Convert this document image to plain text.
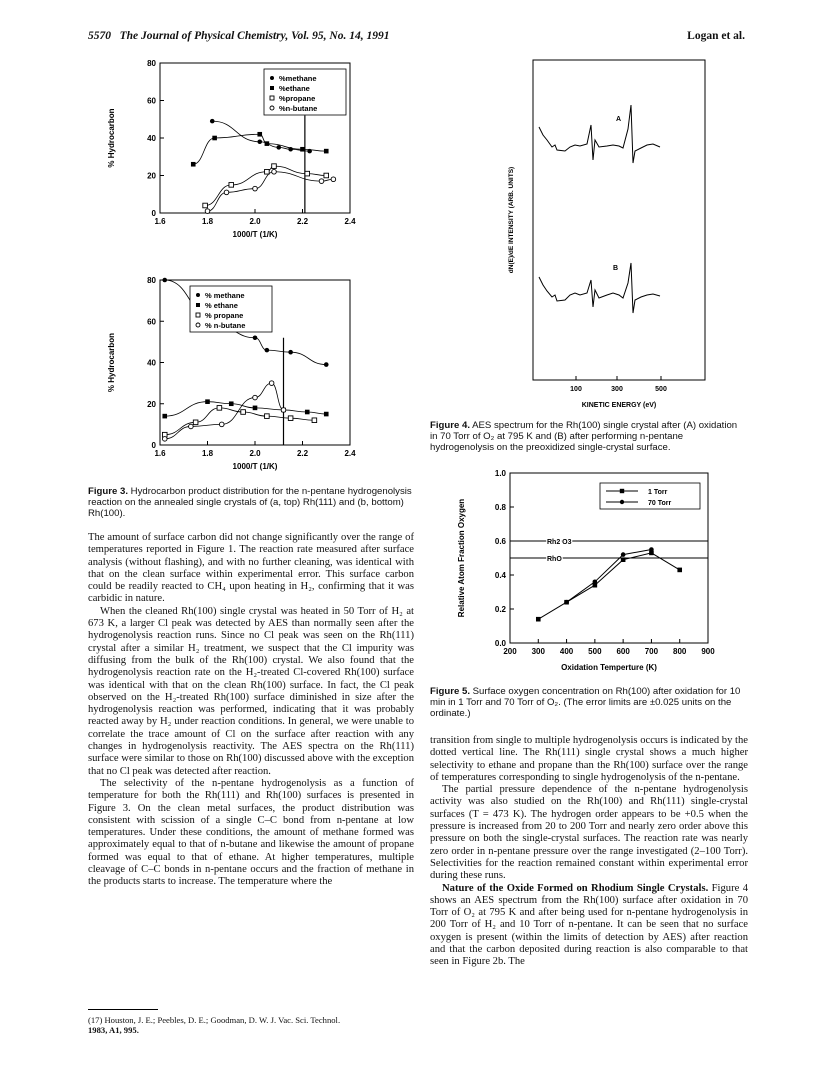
5570 The Journal of Physical Chemistry, Vol. 95, No. 14, 1991	Logan et al.
1.6	1.8	2.0	2.2	2.4
0
20
40
60
80
1000/T (1/K)
% Hydrocarbon
%methane
%ethane
%propane
%n-butane
1.6	1.8	2.0	2.2	2.4
0
20
40
60
80
1000/T (1/K)
% Hydrocarbon
% methane
% ethane
% propane
% n-butane
Figure 3. Hydrocarbon product distribution for the n-pentane hydrogenolysis reaction on the annealed single crystals of (a, top) Rh(111) and (b, bottom) Rh(100).
100	300	500
KINETIC ENERGY (eV)
dN(E)/dE INTENSITY (ARB. UNITS)
A
B
Figure 4. AES spectrum for the Rh(100) single crystal after (A) oxidation in 70 Torr of O₂ at 795 K and (B) after performing n-pentane hydrogenolysis on the preoxidized single-crystal surface.
200 300 400 500 600 700 800 900
0.0
0.2
0.4
0.6
0.8
1.0
Oxidation Temperture (K)
Relative Atom Fraction Oxygen	Rh2 O3
RhO
1 Torr
70 Torr
Figure 5. Surface oxygen concentration on Rh(100) after oxidation for 10 min in 1 Torr and 70 Torr of O₂. (The error limits are ±0.025 units on the ordinate.)

The amount of surface carbon did not change significantly over the range of temperatures reported in Figure 1. The reaction rate measured after surface analysis (without flashing), and with no further cleaning, was identical with that on the clean surface within experimental error. This surface carbon could be readily reacted to CH₄ upon heating in H₂, confirming that it was carbidic in nature.

When the cleaned Rh(100) single crystal was heated in 50 Torr of H₂ at 673 K, a larger Cl peak was detected by AES than normally seen after the hydrogenolysis reaction runs. Since no Cl peak was seen on the Rh(111) crystal after a similar H₂ treatment, we suspect that the Cl impurity was diffusing from the bulk of the Rh(100) crystal. We also found that the hydrogenolysis reaction rate on the H₂-treated Cl-covered Rh(100) surface was identical with that on the clean Rh(100) surface. In fact, the Cl peak observed on the H₂-treated Rh(100) surface diminished in size after the hydrogenolysis reaction was performed, indicating that it was probably reacted away by H₂ under reaction conditions. In general, we were unable to correlate the trace amount of Cl on the surface after reaction with any changes in hydrogenolysis reactivity. The AES spectra on the Rh(111) surface were similar to those on Rh(100) discussed above with the exception that no Cl peak was detected after reaction.

The selectivity of the n-pentane hydrogenolysis as a function of temperature for both the Rh(111) and Rh(100) surfaces is presented in Figure 3. On the clean metal surfaces, the product distribution was consistent with scission of a single C–C bond from n-pentane at low temperatures. Under these conditions, the amount of methane formed was approximately equal to that of n-butane and likewise the amount of propane formed was equal to that of ethane. At higher temperatures, multiple cleavage of C–C bonds in n-pentane occurs and the fraction of methane in the products starts to increase. The temperature where the

transition from single to multiple hydrogenolysis occurs is indicated by the dotted vertical line. The Rh(111) single crystal shows a much higher selectivity to ethane and propane than the Rh(100) surface over the range of temperatures corresponding to single hydrogenolysis of the n-pentane.

The partial pressure dependence of the n-pentane hydrogenolysis activity was also studied on the Rh(100) and Rh(111) single-crystal surfaces (T = 473 K). The hydrogen order appears to be +0.5 when the pressure is increased from 20 to 200 Torr and nearly zero order above this pressure on both the single-crystal surfaces. The reaction rate was nearly zero order in n-pentane pressure over the range investigated (2–100 Torr). Selectivities for the reaction remained constant within experimental error during these runs.

Nature of the Oxide Formed on Rhodium Single Crystals. Figure 4 shows an AES spectrum from the Rh(100) surface after oxidation in 70 Torr of O₂ at 795 K and after being used for n-pentane hydrogenolysis in 200 Torr of H₂ and 10 Torr of n-pentane. It can be seen that no surface oxygen is present (within the limits of detection by AES) after reaction and that the carbon deposited during reaction is also comparable to that seen in Figure 2b. The

(17) Houston, J. E.; Peebles, D. E.; Goodman, D. W. J. Vac. Sci. Technol.
1983, A1, 995.
